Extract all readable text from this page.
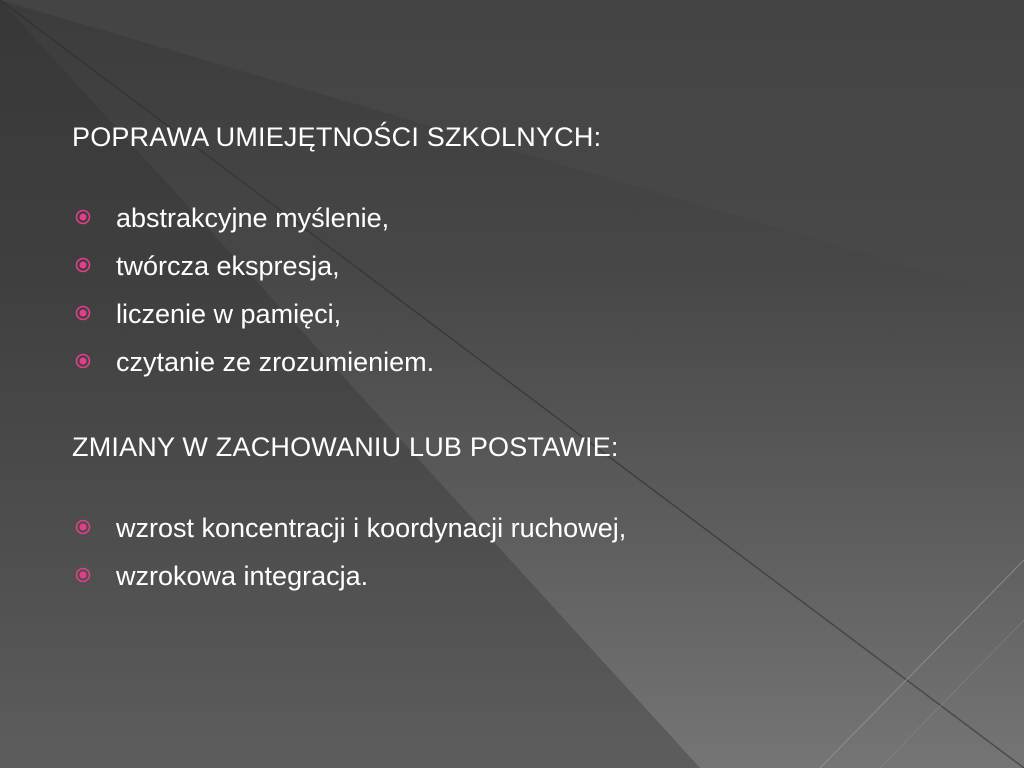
POPRAWA UMIEJĘTNOŚCI SZKOLNYCH:
abstrakcyjne myślenie,
twórcza ekspresja,
liczenie w pamięci,
czytanie ze zrozumieniem.
ZMIANY W ZACHOWANIU LUB POSTAWIE:
wzrost koncentracji i koordynacji ruchowej,
wzrokowa integracja.
